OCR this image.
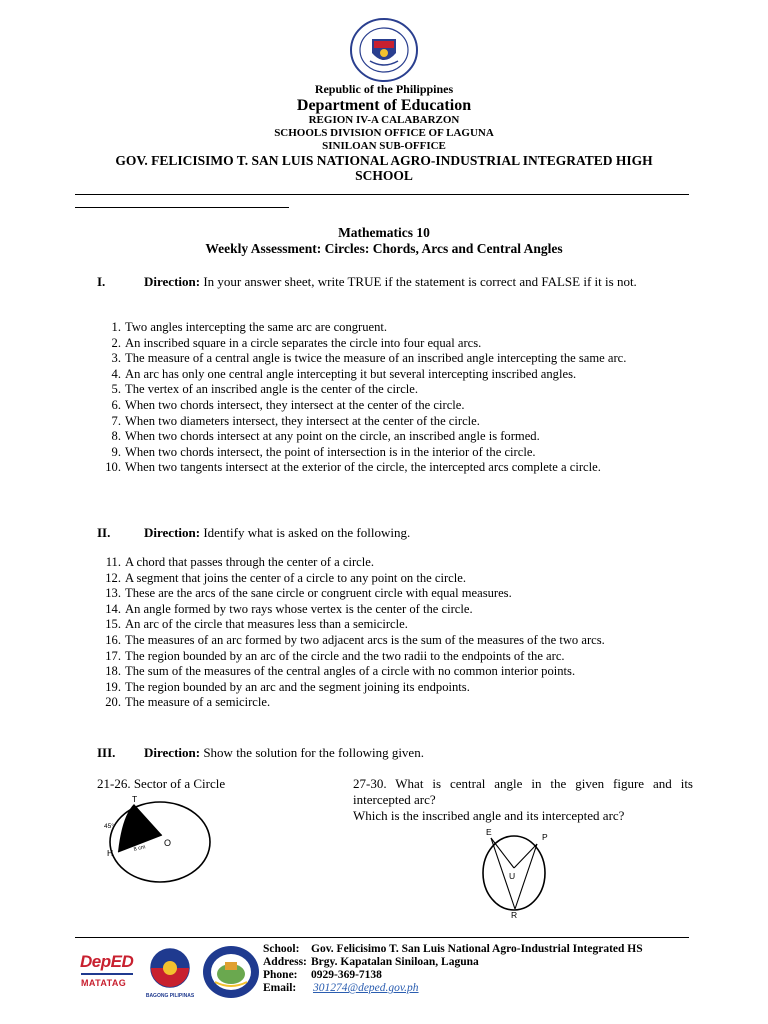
Republic of the Philippines
Department of Education
REGION IV-A CALABARZON
SCHOOLS DIVISION OFFICE OF LAGUNA
SINILOAN SUB-OFFICE
GOV. FELICISIMO T. SAN LUIS NATIONAL AGRO-INDUSTRIAL INTEGRATED HIGH
SCHOOL
Mathematics 10
Weekly Assessment: Circles: Chords, Arcs and Central Angles
I.	Direction: In your answer sheet, write TRUE if the statement is correct and FALSE if it is not.
1. Two angles intercepting the same arc are congruent.
2. An inscribed square in a circle separates the circle into four equal arcs.
3. The measure of a central angle is twice the measure of an inscribed angle intercepting the same arc.
4. An arc has only one central angle intercepting it but several intercepting inscribed angles.
5. The vertex of an inscribed angle is the center of the circle.
6. When two chords intersect, they intersect at the center of the circle.
7. When two diameters intersect, they intersect at the center of the circle.
8. When two chords intersect at any point on the circle, an inscribed angle is formed.
9. When two chords intersect, the point of intersection is in the interior of the circle.
10. When two tangents intersect at the exterior of the circle, the intercepted arcs complete a circle.
II.	Direction: Identify what is asked on the following.
11. A chord that passes through the center of a circle.
12. A segment that joins the center of a circle to any point on the circle.
13. These are the arcs of the sane circle or congruent circle with equal measures.
14. An angle formed by two rays whose vertex is the center of the circle.
15. An arc of the circle that measures less than a semicircle.
16. The measures of an arc formed by two adjacent arcs is the sum of the measures of the two arcs.
17. The region bounded by an arc of the circle and the two radii to the endpoints of the arc.
18. The sum of the measures of the central angles of a circle with no common interior points.
19. The region bounded by an arc and the segment joining its endpoints.
20. The measure of a semicircle.
III. Direction: Show the solution for the following given.
21-26. Sector of a Circle	27-30. What is central angle in the given figure and its intercepted arc?
Which is the inscribed angle and its intercepted arc?
T
45°
O
H	8 cm
E	P
U
R
DepED
MATATAG
BAGONG PILIPINAS
School: Gov. Felicisimo T. San Luis National Agro-Industrial Integrated HS
Address: Brgy. Kapatalan Siniloan, Laguna
Phone: 0929-369-7138
Email: 301274@deped.gov.ph
